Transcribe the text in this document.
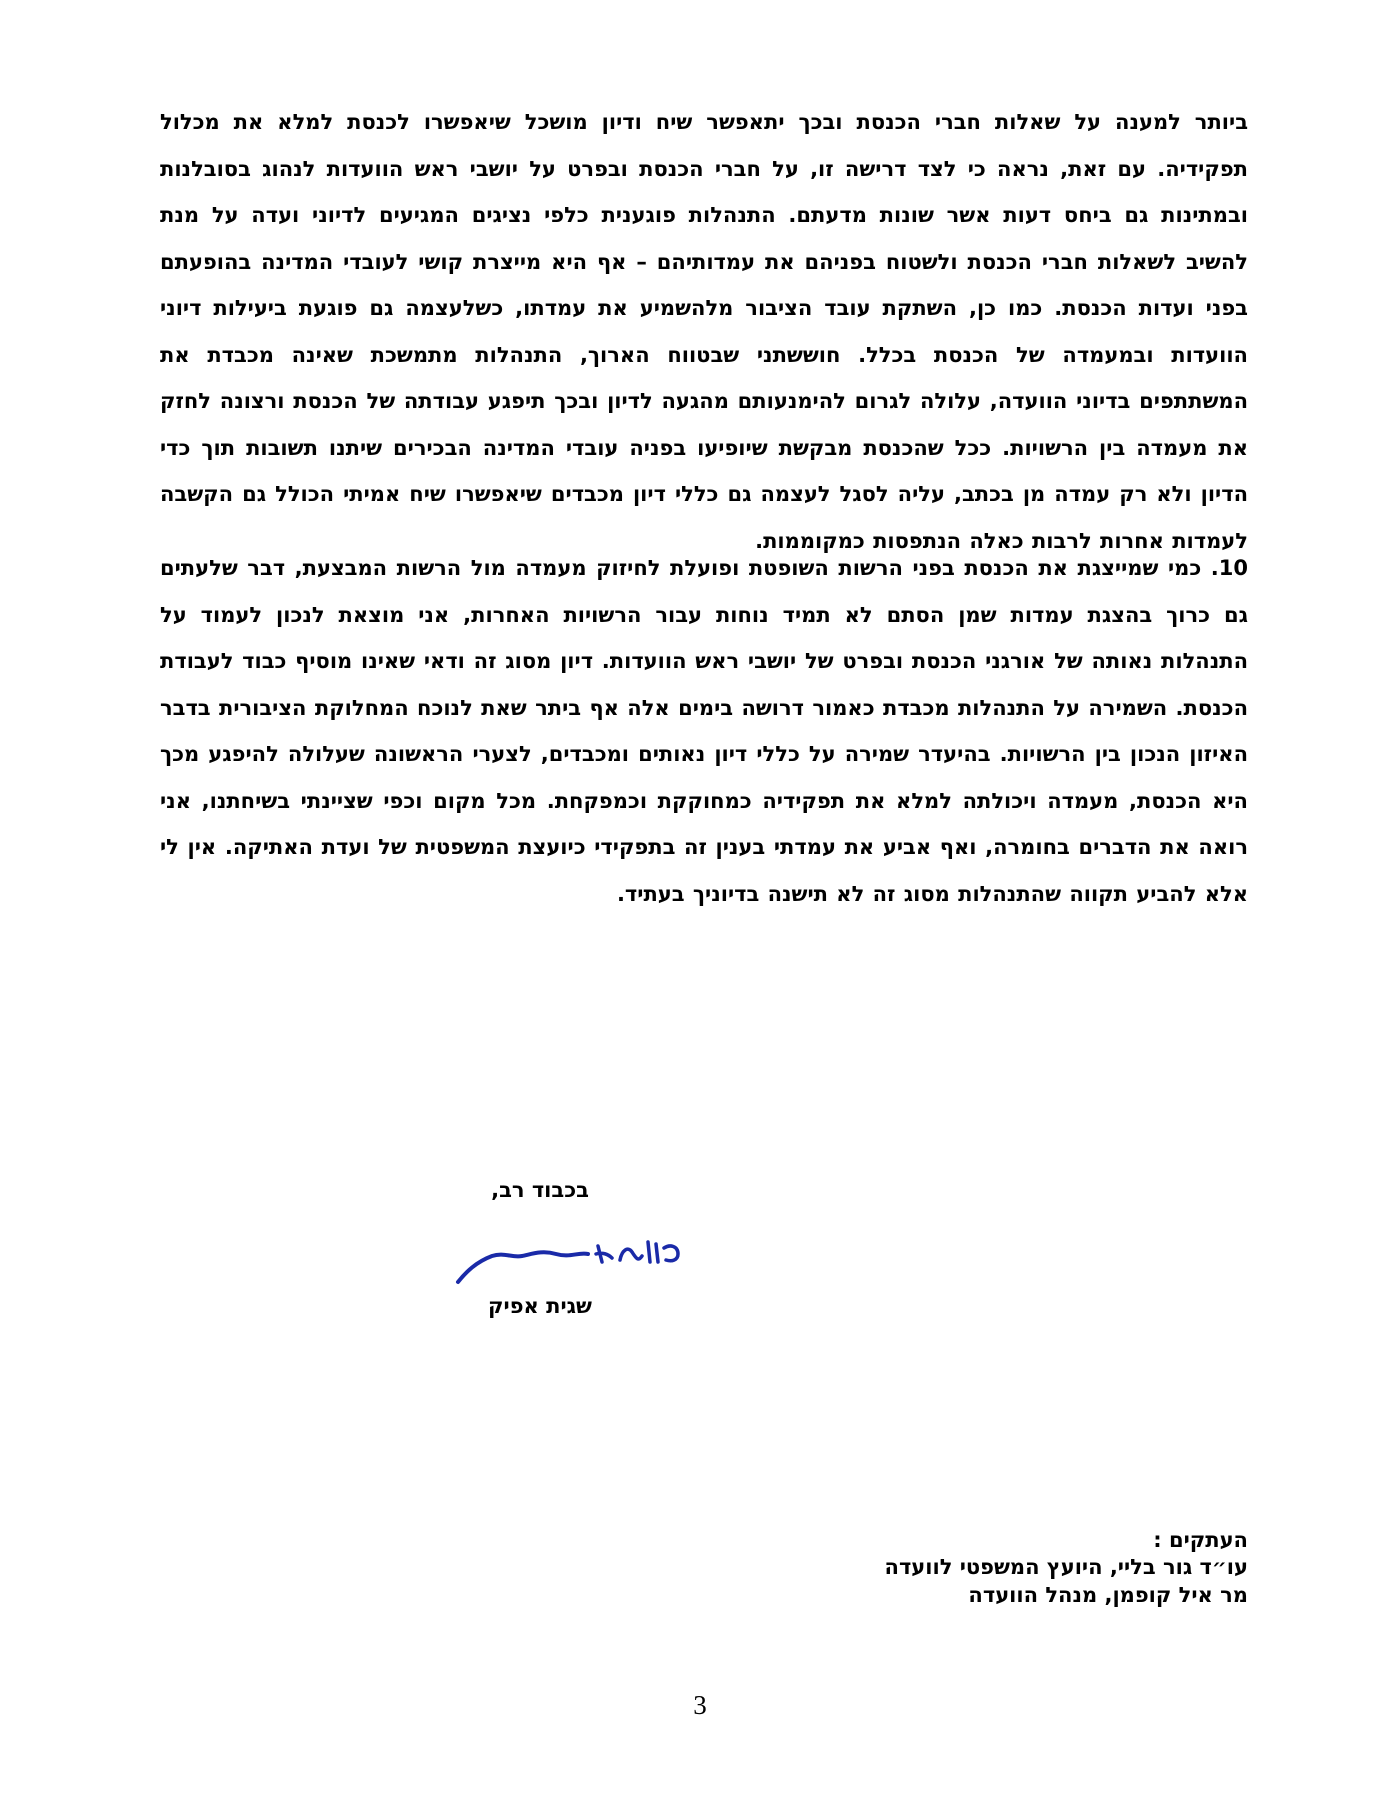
ביותר למענה על שאלות חברי הכנסת ובכך יתאפשר שיח ודיון מושכל שיאפשרו לכנסת למלא את מכלול תפקידיה. עם זאת, נראה כי לצד דרישה זו, על חברי הכנסת ובפרט על יושבי ראש הוועדות לנהוג בסובלנות ובמתינות גם ביחס דעות אשר שונות מדעתם. התנהלות פוגענית כלפי נציגים המגיעים לדיוני ועדה על מנת להשיב לשאלות חברי הכנסת ולשטוח בפניהם את עמדותיהם – אף היא מייצרת קושי לעובדי המדינה בהופעתם בפני ועדות הכנסת. כמו כן, השתקת עובד הציבור מלהשמיע את עמדתו, כשלעצמה גם פוגעת ביעילות דיוני הוועדות ובמעמדה של הכנסת בכלל. חוששתני שבטווח הארוך, התנהלות מתמשכת שאינה מכבדת את המשתתפים בדיוני הוועדה, עלולה לגרום להימנעותם מהגעה לדיון ובכך תיפגע עבודתה של הכנסת ורצונה לחזק את מעמדה בין הרשויות. ככל שהכנסת מבקשת שיופיעו בפניה עובדי המדינה הבכירים שיתנו תשובות תוך כדי הדיון ולא רק עמדה מן בכתב, עליה לסגל לעצמה גם כללי דיון מכבדים שיאפשרו שיח אמיתי הכולל גם הקשבה לעמדות אחרות לרבות כאלה הנתפסות כמקוממות.

10. כמי שמייצגת את הכנסת בפני הרשות השופטת ופועלת לחיזוק מעמדה מול הרשות המבצעת, דבר שלעתים גם כרוך בהצגת עמדות שמן הסתם לא תמיד נוחות עבור הרשויות האחרות, אני מוצאת לנכון לעמוד על התנהלות נאותה של אורגני הכנסת ובפרט של יושבי ראש הוועדות. דיון מסוג זה ודאי שאינו מוסיף כבוד לעבודת הכנסת. השמירה על התנהלות מכבדת כאמור דרושה בימים אלה אף ביתר שאת לנוכח המחלוקת הציבורית בדבר האיזון הנכון בין הרשויות. בהיעדר שמירה על כללי דיון נאותים ומכבדים, לצערי הראשונה שעלולה להיפגע מכך היא הכנסת, מעמדה ויכולתה למלא את תפקידיה כמחוקקת וכמפקחת. מכל מקום וכפי שציינתי בשיחתנו, אני רואה את הדברים בחומרה, ואף אביע את עמדתי בענין זה בתפקידי כיועצת המשפטית של ועדת האתיקה. אין לי אלא להביע תקווה שהתנהלות מסוג זה לא תישנה בדיוניך בעתיד.

בכבוד רב,
שגית אפיק
העתקים :
עו״ד גור בליי, היועץ המשפטי לוועדה
מר איל קופמן, מנהל הוועדה
3
